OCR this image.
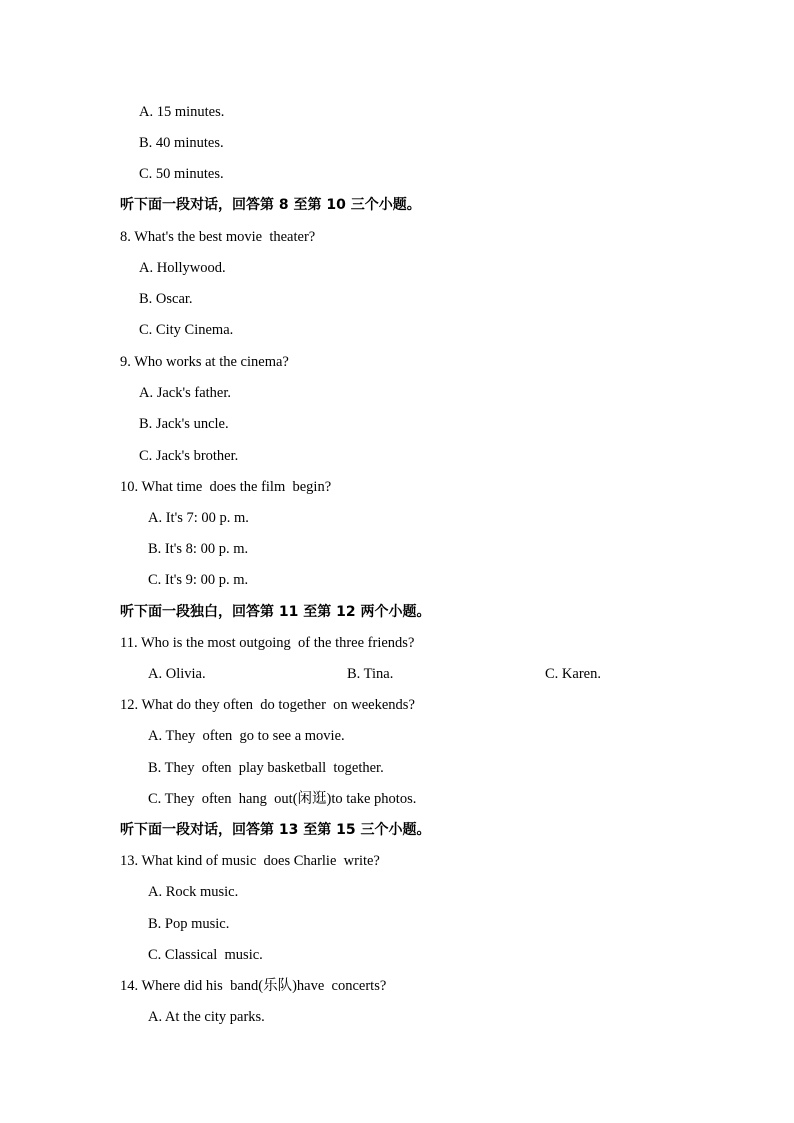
A. 15 minutes.
B. 40 minutes.
C. 50 minutes.
听下面一段对话，回答第 8 至第 10 三个小题。
8. What's the best movie  theater?
A. Hollywood.
B. Oscar.
C. City Cinema.
9. Who works at the cinema?
A. Jack's father.
B. Jack's uncle.
C. Jack's brother.
10. What time  does the film  begin?
A. It's 7: 00 p. m.
B. It's 8: 00 p. m.
C. It's 9: 00 p. m.
听下面一段独白，回答第 11 至第 12 两个小题。
11. Who is the most outgoing  of the three friends?
A. Olivia.	B. Tina.	C. Karen.
12. What do they often  do together  on weekends?
A. They  often  go to see a movie.
B. They  often  play basketball  together.
C. They  often  hang  out(闲逛)to take photos.
听下面一段对话，回答第 13 至第 15 三个小题。
13. What kind of music  does Charlie  write?
A. Rock music.
B. Pop music.
C. Classical  music.
14. Where did his  band(乐队)have  concerts?
A. At the city parks.
